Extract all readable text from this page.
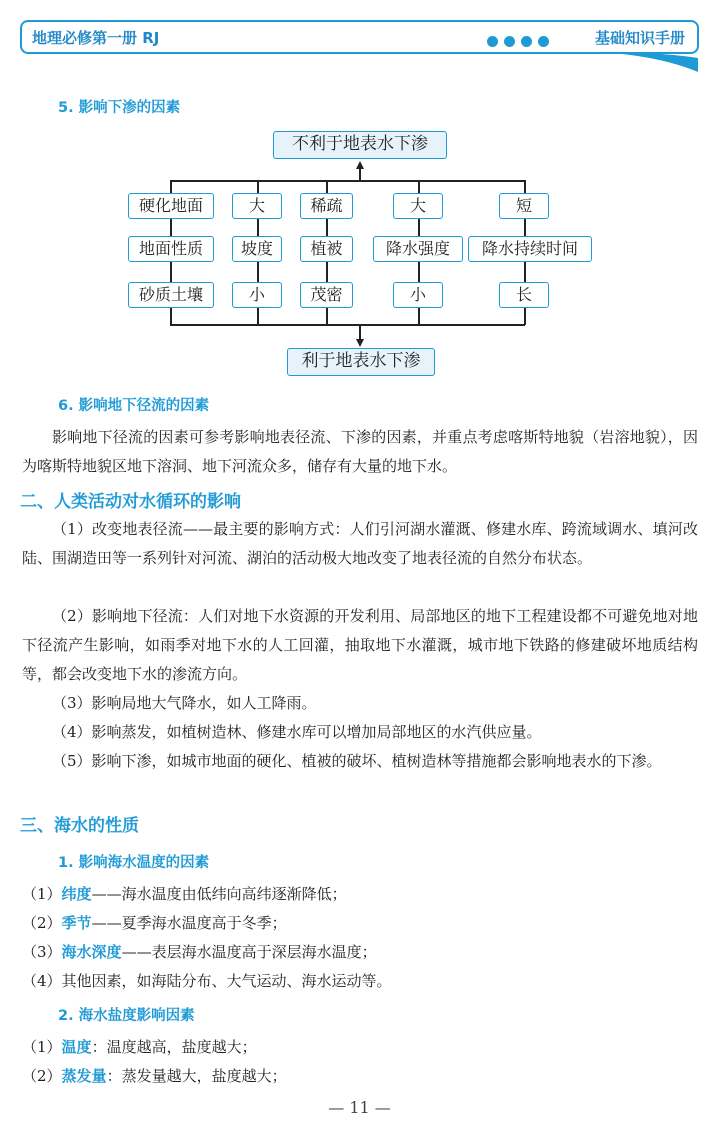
地理必修第一册 RJ	基础知识手册
5. 影响下渗的因素
不利于地表水下渗
硬化地面
地面性质
砂质土壤
大
坡度
小
稀疏
植被
茂密
大
降水强度
小
短
降水持续时间
长
利于地表水下渗
6. 影响地下径流的因素
影响地下径流的因素可参考影响地表径流、下渗的因素，并重点考虑喀斯特地貌（岩溶地貌），因为喀斯特地貌区地下溶洞、地下河流众多，储存有大量的地下水。
二、人类活动对水循环的影响
（1）改变地表径流——最主要的影响方式：人们引河湖水灌溉、修建水库、跨流域调水、填河改陆、围湖造田等一系列针对河流、湖泊的活动极大地改变了地表径流的自然分布状态。
（2）影响地下径流：人们对地下水资源的开发利用、局部地区的地下工程建设都不可避免地对地下径流产生影响，如雨季对地下水的人工回灌，抽取地下水灌溉，城市地下铁路的修建破坏地质结构等，都会改变地下水的渗流方向。
（3）影响局地大气降水，如人工降雨。
（4）影响蒸发，如植树造林、修建水库可以增加局部地区的水汽供应量。
（5）影响下渗，如城市地面的硬化、植被的破坏、植树造林等措施都会影响地表水的下渗。
三、海水的性质
1. 影响海水温度的因素
（1）纬度——海水温度由低纬向高纬逐渐降低；
（2）季节——夏季海水温度高于冬季；
（3）海水深度——表层海水温度高于深层海水温度；
（4）其他因素，如海陆分布、大气运动、海水运动等。
2. 海水盐度影响因素
（1）温度：温度越高，盐度越大；
（2）蒸发量：蒸发量越大，盐度越大；
— 11 —
